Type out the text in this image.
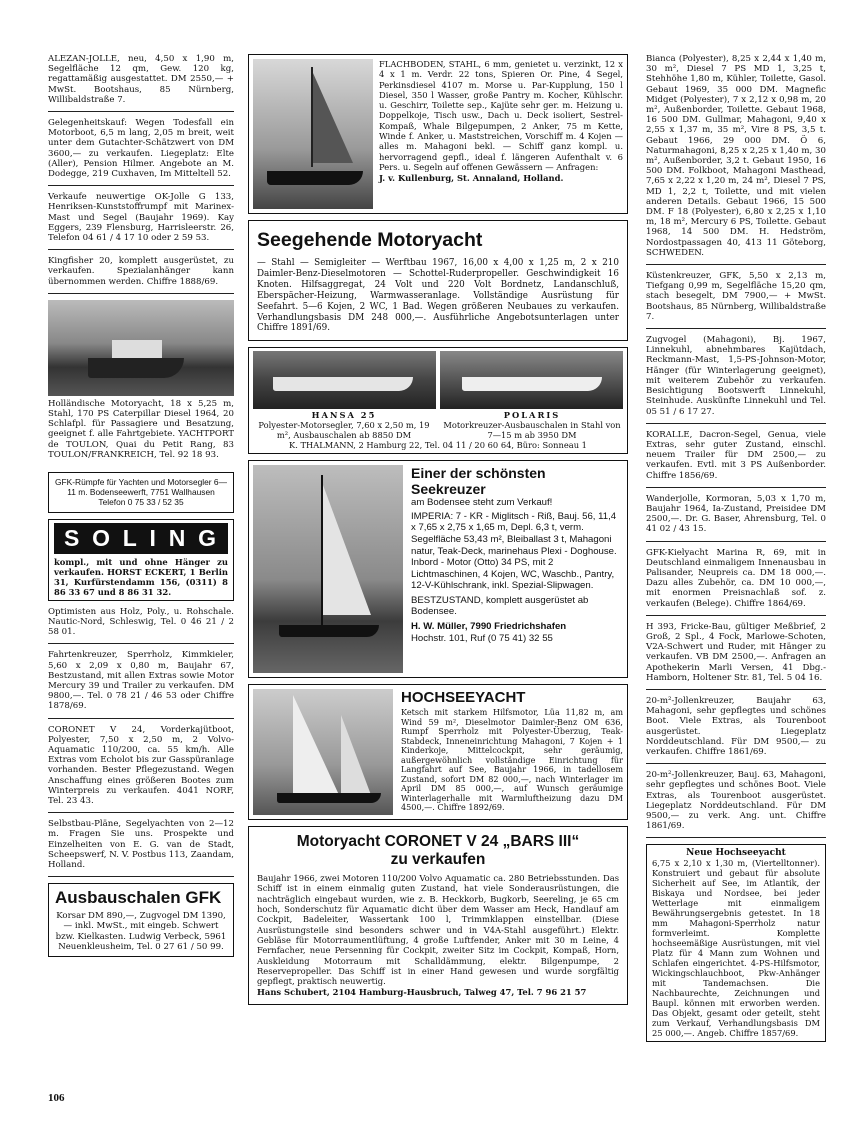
ALEZAN-JOLLE, neu, 4,50 x 1,90 m, Segelfläche 12 qm, Gew. 120 kg, regattamäßig ausgestattet. DM 2550,— + MwSt. Bootshaus, 85 Nürnberg, Willibaldstraße 7.
Gelegenheitskauf: Wegen Todesfall ein Motorboot, 6,5 m lang, 2,05 m breit, weit unter dem Gutachter-Schätzwert von DM 3600,— zu verkaufen. Liegeplatz: Elte (Aller), Pension Hilmer. Angebote an M. Dodegge, 219 Cuxhaven, Im Mitteltell 52.
Verkaufe neuwertige OK-Jolle G 133, Henriksen-Kunststoffrumpf mit Marinex-Mast und Segel (Baujahr 1969). Kay Eggers, 239 Flensburg, Harrisleerstr. 26, Telefon 04 61 / 4 17 10 oder 2 59 53.
Kingfisher 20, komplett ausgerüstet, zu verkaufen. Spezialanhänger kann übernommen werden. Chiffre 1888/69.
Holländische Motoryacht, 18 x 5,25 m, Stahl, 170 PS Caterpillar Diesel 1964, 20 Schlafpl. für Passagiere und Besatzung, geeignet f. alle Fahrtgebiete. YACHTPORT de TOULON, Quai du Petit Rang, 83 TOULON/FRANKREICH, Tel. 92 18 93.
GFK-Rümpfe für Yachten und Motorsegler 6—11 m. Bodenseewerft, 7751 Wallhausen Telefon 0 75 33 / 52 35
S O L I N G
kompl., mit und ohne Hänger zu verkaufen. HORST ECKERT, 1 Berlin 31, Kurfürstendamm 156, (0311) 8 86 33 67 und 8 86 31 32.
Optimisten aus Holz, Poly., u. Rohschale. Nautic-Nord, Schleswig, Tel. 0 46 21 / 2 58 01.
Fahrtenkreuzer, Sperrholz, Kimmkieler, 5,60 x 2,09 x 0,80 m, Baujahr 67, Bestzustand, mit allen Extras sowie Motor Mercury 39 und Trailer zu verkaufen. DM 9800,—. Tel. 0 78 21 / 46 53 oder Chiffre 1878/69.
CORONET V 24, Vorderkajütboot, Polyester, 7,50 x 2,50 m, 2 Volvo-Aquamatic 110/200, ca. 55 km/h. Alle Extras vom Echolot bis zur Gasspüranlage vorhanden. Bester Pflegezustand. Wegen Anschaffung eines größeren Bootes zum Winterpreis zu verkaufen. 4041 NORF, Tel. 23 43.
Selbstbau-Pläne, Segelyachten von 2—12 m. Fragen Sie uns. Prospekte und Einzelheiten von E. G. van de Stadt, Scheepswerf, N. V. Postbus 113, Zaandam, Holland.
Ausbauschalen GFK
Korsar DM 890,—, Zugvogel DM 1390,— inkl. MwSt., mit eingeb. Schwert bzw. Kielkasten. Ludwig Verbeck, 5961 Neuenkleusheim, Tel. 0 27 61 / 50 99.
FLACHBODEN, STAHL, 6 mm, genietet u. verzinkt, 12 x 4 x 1 m. Verdr. 22 tons, Spieren Or. Pine, 4 Segel, Perkinsdiesel 4107 m. Morse u. Par-Kupplung, 150 l Diesel, 350 l Wasser, große Pantry m. Kocher, Kühlschr. u. Geschirr, Toilette sep., Kajüte sehr ger. m. Heizung u. Doppelkoje, Tisch usw., Dach u. Deck isoliert, Sestrel-Kompaß, Whale Bilgepumpen, 2 Anker, 75 m Kette, Winde f. Anker, u. Maststreichen, Vorschiff m. 4 Kojen — alles m. Mahagoni bekl. — Schiff ganz kompl. u. hervorragend gepfl., ideal f. längeren Aufenthalt v. 6 Pers. u. Segeln auf offenen Gewässern — Anfragen:
J. v. Kullenburg, St. Annaland, Holland.
Seegehende Motoryacht
— Stahl — Semigleiter — Werftbau 1967, 16,00 x 4,00 x 1,25 m, 2 x 210 Daimler-Benz-Dieselmotoren — Schottel-Ruderpropeller. Geschwindigkeit 16 Knoten. Hilfsaggregat, 24 Volt und 220 Volt Bordnetz, Landanschluß, Eberspächer-Heizung, Warmwasseranlage. Vollständige Ausrüstung für Seefahrt. 5—6 Kojen, 2 WC, 1 Bad. Wegen größeren Neubaues zu verkaufen. Verhandlungsbasis DM 248 000,—. Ausführliche Angebotsunterlagen unter Chiffre 1891/69.
HANSA 25
Polyester-Motorsegler, 7,60 x 2,50 m, 19 m², Ausbauschalen ab 8850 DM
POLARIS
Motorkreuzer-Ausbauschalen in Stahl von 7—15 m ab 3950 DM
K. THALMANN, 2 Hamburg 22, Tel. 04 11 / 20 60 64, Büro: Sonneau 1
Einer der schönsten
Seekreuzer
am Bodensee steht zum Verkauf!
IMPERIA: 7 - KR - Miglitsch - Riß, Bauj. 56, 11,4 x 7,65 x 2,75 x 1,65 m, Depl. 6,3 t, verm. Segelfläche 53,43 m², Bleiballast 3 t, Mahagoni natur, Teak-Deck, marinehaus Plexi - Doghouse. Inbord - Motor (Otto) 34 PS, mit 2 Lichtmaschinen, 4 Kojen, WC, Waschb., Pantry, 12-V-Kühlschrank, inkl. Spezial-Slipwagen.
BESTZUSTAND, komplett ausgerüstet ab Bodensee.
H. W. Müller, 7990 Friedrichshafen
Hochstr. 101, Ruf (0 75 41) 32 55
HOCHSEEYACHT
Ketsch mit starkem Hilfsmotor, Lüa 11,82 m, am Wind 59 m², Dieselmotor Daimler-Benz OM 636, Rumpf Sperrholz mit Polyester-Überzug, Teak-Stabdeck, Inneneinrichtung Mahagoni, 7 Kojen + 1 Kinderkoje, Mittelcockpit, sehr geräumig, außergewöhnlich vollständige Einrichtung für Langfahrt auf See, Baujahr 1966, in tadellosem Zustand, sofort DM 82 000,—, nach Winterlager im April DM 85 000,—, auf Wunsch geräumige Winterlagerhalle mit Warmluftheizung dazu DM 4500,—. Chiffre 1892/69.
Motoryacht CORONET V 24 „BARS III“
zu verkaufen
Baujahr 1966, zwei Motoren 110/200 Volvo Aquamatic ca. 280 Betriebsstunden. Das Schiff ist in einem einmalig guten Zustand, hat viele Sonderausrüstungen, die nachträglich eingebaut wurden, wie z. B. Heckkorb, Bugkorb, Seereling, je 65 cm hoch, Sonderschutz für Aquamatic dicht über dem Wasser am Heck, Handlauf am Cockpit, Badeleiter, Wassertank 100 l, Trimmklappen einstellbar. (Diese Ausrüstungsteile sind besonders schwer und in V4A-Stahl ausgeführt.) Elektr. Gebläse für Motorraumentlüftung, 4 große Luftfender, Anker mit 30 m Leine, 4 Fernfacher, neue Persenning für Cockpit, zweiter Sitz im Cockpit, Kompaß, Horn, Auskleidung Motorraum mit Schalldämmung, elektr. Bilgenpumpe, 2 Reservepropeller. Das Schiff ist in einer Hand gewesen und wurde sorgfältig gepflegt, praktisch neuwertig.
Hans Schubert, 2104 Hamburg-Hausbruch, Talweg 47, Tel. 7 96 21 57
Bianca (Polyester), 8,25 x 2,44 x 1,40 m, 30 m², Diesel 7 PS MD 1, 3,25 t, Stehhöhe 1,80 m, Kühler, Toilette, Gasol. Gebaut 1969, 35 000 DM. Magnefic Midget (Polyester), 7 x 2,12 x 0,98 m, 20 m², Außenborder, Toilette. Gebaut 1968, 16 500 DM. Gullmar, Mahagoni, 9,40 x 2,55 x 1,37 m, 35 m², Vire 8 PS, 3,5 t. Gebaut 1966, 29 000 DM. Ö 6, Naturmahagoni, 8,25 x 2,25 x 1,40 m, 30 m², Außenborder, 3,2 t. Gebaut 1950, 16 500 DM. Folkboot, Mahagoni Masthead, 7,65 x 2,22 x 1,20 m, 24 m², Diesel 7 PS, MD 1, 2,2 t, Toilette, und mit vielen anderen Details. Gebaut 1966, 15 500 DM. F 18 (Polyester), 6,80 x 2,25 x 1,10 m, 18 m², Mercury 6 PS, Toilette. Gebaut 1968, 14 500 DM. H. Hedström, Nordostpassagen 40, 413 11 Göteborg, SCHWEDEN.
Küstenkreuzer, GFK, 5,50 x 2,13 m, Tiefgang 0,99 m, Segelfläche 15,20 qm, stach besegelt, DM 7900,— + MwSt. Bootshaus, 85 Nürnberg, Willibaldstraße 7.
Zugvogel (Mahagoni), Bj. 1967, Linnekuhl, abnehmbares Kajütdach, Reckmann-Mast, 1,5-PS-Johnson-Motor, Hänger (für Winterlagerung geeignet), mit weiterem Zubehör zu verkaufen. Besichtigung Bootswerft Linnekuhl, Steinhude. Auskünfte Linnekuhl und Tel. 05 51 / 6 17 27.
KORALLE, Dacron-Segel, Genua, viele Extras, sehr guter Zustand, einschl. neuem Trailer für DM 2500,— zu verkaufen. Evtl. mit 3 PS Außenborder. Chiffre 1856/69.
Wanderjolle, Kormoran, 5,03 x 1,70 m, Baujahr 1964, Ia-Zustand, Preisidee DM 2500,—. Dr. G. Baser, Ahrensburg, Tel. 0 41 02 / 43 15.
GFK-Kielyacht Marina R, 69, mit in Deutschland einmaligem Innenausbau in Palisander, Neupreis ca. DM 18 000,—. Dazu alles Zubehör, ca. DM 10 000,—, mit enormen Preisnachlaß sof. z. verkaufen (Belege). Chiffre 1864/69.
H 393, Fricke-Bau, gültiger Meßbrief, 2 Groß, 2 Spl., 4 Fock, Marlowe-Schoten, V2A-Schwert und Ruder, mit Hänger zu verkaufen. VB DM 2500,—. Anfragen an Apothekerin Marli Versen, 41 Dbg.-Hamborn, Holtener Str. 81, Tel. 5 04 16.
20-m²-Jollenkreuzer, Baujahr 63, Mahagoni, sehr gepflegtes und schönes Boot. Viele Extras, als Tourenboot ausgerüstet. Liegeplatz Norddeutschland. Für DM 9500,— zu verkaufen. Chiffre 1861/69.
20-m²-Jollenkreuzer, Bauj. 63, Mahagoni, sehr gepflegtes und schönes Boot. Viele Extras, als Tourenboot ausgerüstet. Liegeplatz Norddeutschland. Für DM 9500,— zu verk. Ang. unt. Chiffre 1861/69.
Neue Hochseeyacht
6,75 x 2,10 x 1,30 m, (Viertelltonner). Konstruiert und gebaut für absolute Sicherheit auf See, im Atlantik, der Biskaya und Nordsee, bei jeder Wetterlage mit einmaligem Bewährungsergebnis getestet. In 18 mm Mahagoni-Sperrholz natur formverleimt. Komplette hochseemäßige Ausrüstungen, mit viel Platz für 4 Mann zum Wohnen und Schlafen eingerichtet. 4-PS-Hilfsmotor, Wickingschlauchboot, Pkw-Anhänger mit Tandemachsen. Die Nachbaurechte, Zeichnungen und Baupl. können mit erworben werden. Das Objekt, gesamt oder geteilt, steht zum Verkauf, Verhandlungsbasis DM 25 000,—. Angeb. Chiffre 1857/69.
106
